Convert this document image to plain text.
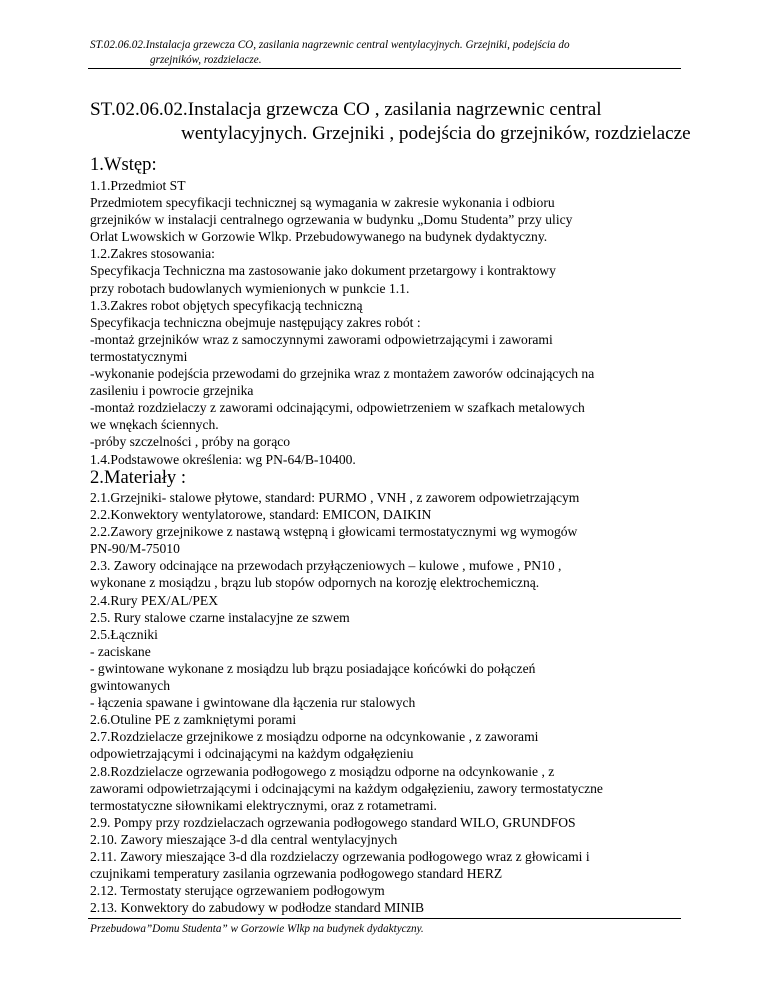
ST.02.06.02.Instalacja grzewcza CO, zasilania nagrzewnic central wentylacyjnych. Grzejniki, podejścia do
grzejników, rozdzielacze.
ST.02.06.02.Instalacja grzewcza CO , zasilania nagrzewnic central
wentylacyjnych. Grzejniki , podejścia do grzejników, rozdzielacze
1.Wstęp:
1.1.Przedmiot ST
Przedmiotem specyfikacji technicznej są wymagania w zakresie wykonania i odbioru
grzejników w instalacji centralnego ogrzewania w budynku „Domu Studenta” przy ulicy
Orlat Lwowskich w Gorzowie Wlkp. Przebudowywanego na budynek dydaktyczny.
1.2.Zakres stosowania:
Specyfikacja Techniczna ma zastosowanie jako dokument przetargowy i kontraktowy
przy robotach budowlanych wymienionych w punkcie 1.1.
1.3.Zakres robot objętych specyfikacją techniczną
Specyfikacja techniczna obejmuje następujący zakres robót :
-montaż grzejników wraz z samoczynnymi zaworami odpowietrzającymi i zaworami
termostatycznymi
-wykonanie podejścia przewodami do grzejnika wraz z montażem zaworów odcinających na
zasileniu i powrocie grzejnika
-montaż rozdzielaczy z zaworami odcinającymi, odpowietrzeniem w szafkach metalowych
we wnękach ściennych.
-próby szczelności , próby na gorąco
1.4.Podstawowe określenia: wg PN-64/B-10400.
2.Materiały :
2.1.Grzejniki- stalowe płytowe, standard: PURMO , VNH , z zaworem odpowietrzającym
2.2.Konwektory wentylatorowe, standard: EMICON, DAIKIN
2.2.Zawory grzejnikowe z nastawą wstępną i głowicami termostatycznymi wg wymogów
PN-90/M-75010
2.3. Zawory odcinające na przewodach przyłączeniowych – kulowe , mufowe , PN10 ,
wykonane z mosiądzu , brązu lub stopów odpornych na korozję elektrochemiczną.
2.4.Rury PEX/AL/PEX
2.5. Rury stalowe czarne instalacyjne ze szwem
2.5.Łączniki
- zaciskane
- gwintowane wykonane z mosiądzu lub brązu posiadające końcówki do połączeń
gwintowanych
- łączenia spawane i gwintowane dla łączenia rur stalowych
2.6.Otuline PE z zamkniętymi porami
2.7.Rozdzielacze grzejnikowe z mosiądzu odporne na odcynkowanie , z zaworami
odpowietrzającymi i odcinającymi na każdym odgałęzieniu
2.8.Rozdzielacze ogrzewania podłogowego z mosiądzu odporne na odcynkowanie , z
zaworami odpowietrzającymi i odcinającymi na każdym odgałęzieniu, zawory termostatyczne
termostatyczne siłownikami elektrycznymi, oraz z rotametrami.
2.9. Pompy przy rozdzielaczach ogrzewania podłogowego standard WILO, GRUNDFOS
2.10. Zawory mieszające 3-d dla central wentylacyjnych
2.11. Zawory mieszające 3-d dla rozdzielaczy ogrzewania podłogowego wraz z głowicami i
czujnikami temperatury zasilania ogrzewania podłogowego standard HERZ
2.12. Termostaty sterujące ogrzewaniem podłogowym
2.13. Konwektory do zabudowy w podłodze standard MINIB
Przebudowa”Domu Studenta” w Gorzowie Wlkp na budynek dydaktyczny.
